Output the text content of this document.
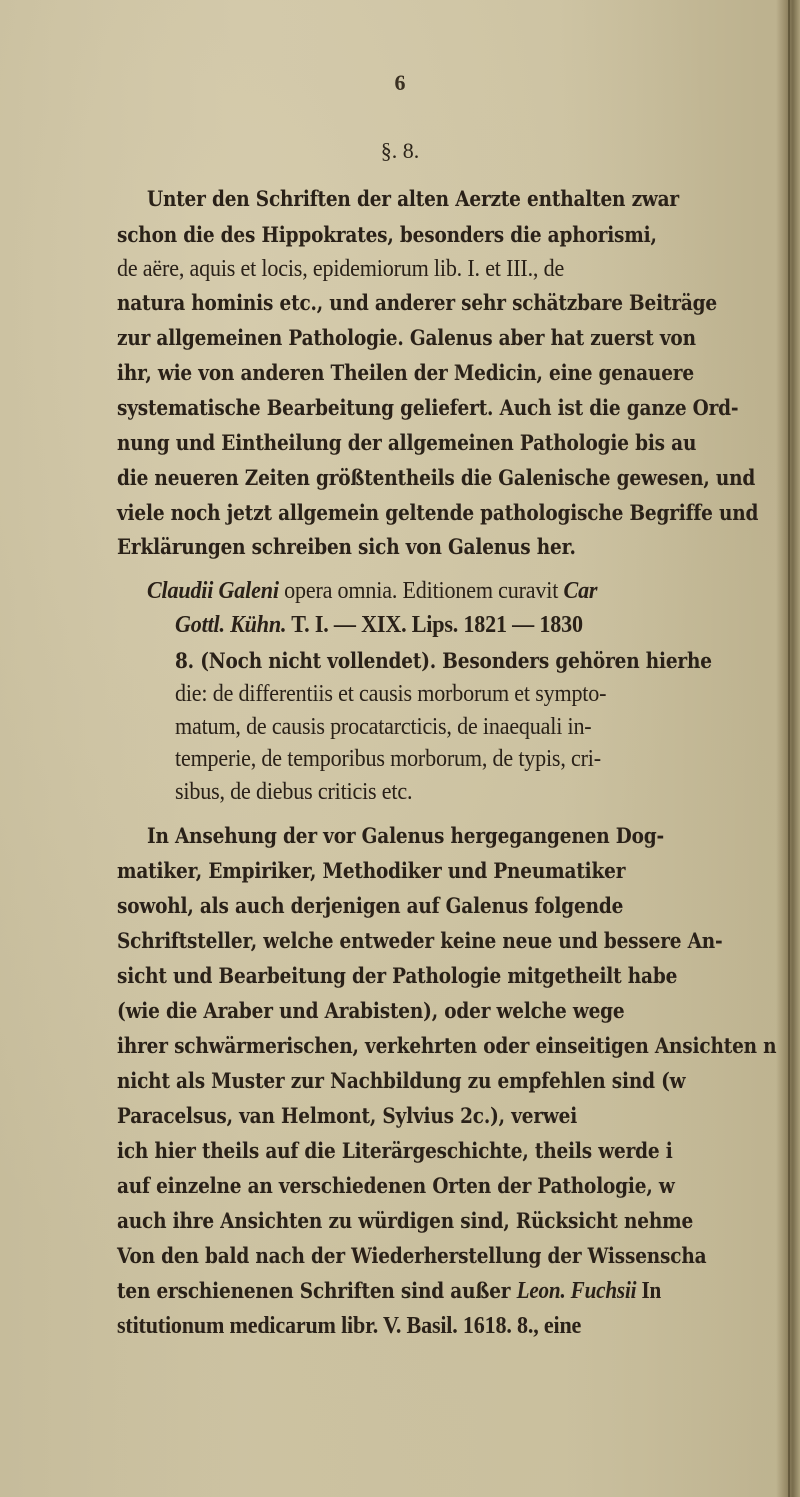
6
§. 8.
Unter den Schriften der alten Aerzte enthalten zwar
schon die des Hippokrates, besonders die aphorismi,
de aëre, aquis et locis, epidemiorum lib. I. et III., de
natura hominis etc., und anderer sehr schätzbare Beiträge
zur allgemeinen Pathologie. Galenus aber hat zuerst von
ihr, wie von anderen Theilen der Medicin, eine genauere
systematische Bearbeitung geliefert. Auch ist die ganze Ord-
nung und Eintheilung der allgemeinen Pathologie bis au
die neueren Zeiten größtentheils die Galenische gewesen, und
viele noch jetzt allgemein geltende pathologische Begriffe und
Erklärungen schreiben sich von Galenus her.
Claudii Galeni opera omnia. Editionem curavit Car
Gottl. Kühn. T. I. — XIX. Lips. 1821 — 1830
8. (Noch nicht vollendet). Besonders gehören hierhe
die: de differentiis et causis morborum et sympto-
matum, de causis procatarcticis, de inaequali in-
temperie, de temporibus morborum, de typis, cri-
sibus, de diebus criticis etc.
In Ansehung der vor Galenus hergegangenen Dog-
matiker, Empiriker, Methodiker und Pneumatiker
sowohl, als auch derjenigen auf Galenus folgende
Schriftsteller, welche entweder keine neue und bessere An-
sicht und Bearbeitung der Pathologie mitgetheilt habe
(wie die Araber und Arabisten), oder welche wege
ihrer schwärmerischen, verkehrten oder einseitigen Ansichten n
nicht als Muster zur Nachbildung zu empfehlen sind (w
Paracelsus, van Helmont, Sylvius 2c.), verwei
ich hier theils auf die Literärgeschichte, theils werde i
auf einzelne an verschiedenen Orten der Pathologie, w
auch ihre Ansichten zu würdigen sind, Rücksicht nehme
Von den bald nach der Wiederherstellung der Wissenscha
ten erschienenen Schriften sind außer Leon. Fuchsii In
stitutionum medicarum libr. V. Basil. 1618. 8., eine
